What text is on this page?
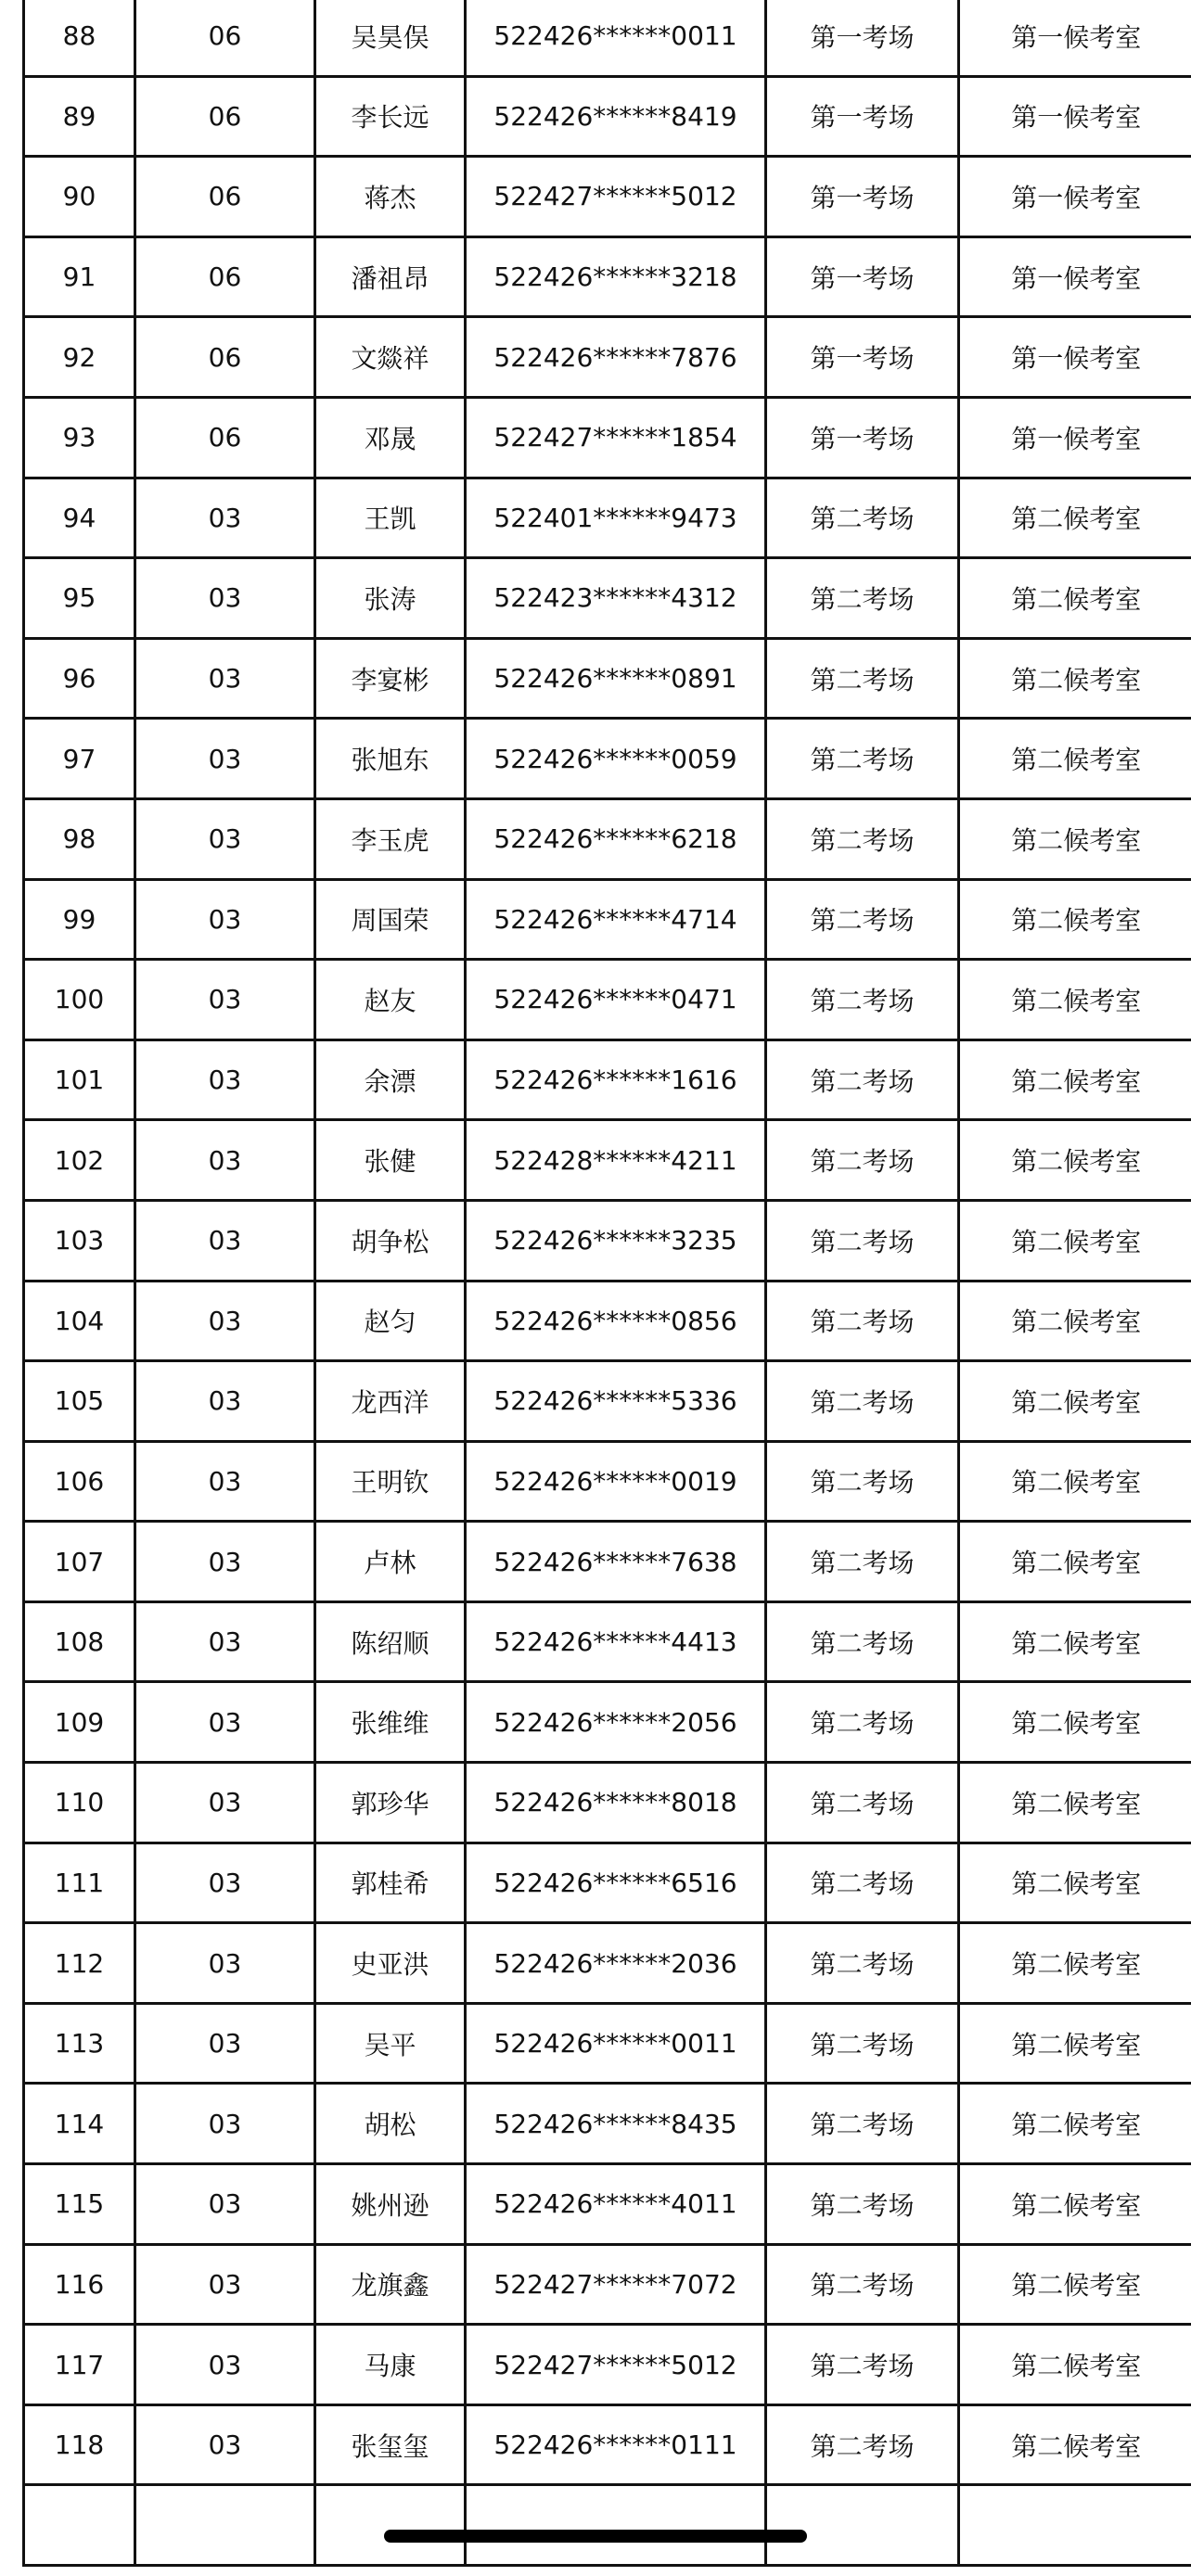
88	06	吴昊俣	522426******0011	第一考场	第一候考室
89	06	李长远	522426******8419	第一考场	第一候考室
90	06	蒋杰	522427******5012	第一考场	第一候考室
91	06	潘祖昂	522426******3218	第一考场	第一候考室
92	06	文燚祥	522426******7876	第一考场	第一候考室
93	06	邓晟	522427******1854	第一考场	第一候考室
94	03	王凯	522401******9473	第二考场	第二候考室
95	03	张涛	522423******4312	第二考场	第二候考室
96	03	李宴彬	522426******0891	第二考场	第二候考室
97	03	张旭东	522426******0059	第二考场	第二候考室
98	03	李玉虎	522426******6218	第二考场	第二候考室
99	03	周国荣	522426******4714	第二考场	第二候考室
100	03	赵友	522426******0471	第二考场	第二候考室
101	03	余漂	522426******1616	第二考场	第二候考室
102	03	张健	522428******4211	第二考场	第二候考室
103	03	胡争松	522426******3235	第二考场	第二候考室
104	03	赵匀	522426******0856	第二考场	第二候考室
105	03	龙西洋	522426******5336	第二考场	第二候考室
106	03	王明钦	522426******0019	第二考场	第二候考室
107	03	卢林	522426******7638	第二考场	第二候考室
108	03	陈绍顺	522426******4413	第二考场	第二候考室
109	03	张维维	522426******2056	第二考场	第二候考室
110	03	郭珍华	522426******8018	第二考场	第二候考室
111	03	郭桂希	522426******6516	第二考场	第二候考室
112	03	史亚洪	522426******2036	第二考场	第二候考室
113	03	吴平	522426******0011	第二考场	第二候考室
114	03	胡松	522426******8435	第二考场	第二候考室
115	03	姚州逊	522426******4011	第二考场	第二候考室
116	03	龙旗鑫	522427******7072	第二考场	第二候考室
117	03	马康	522427******5012	第二考场	第二候考室
118	03	张玺玺	522426******0111	第二考场	第二候考室
